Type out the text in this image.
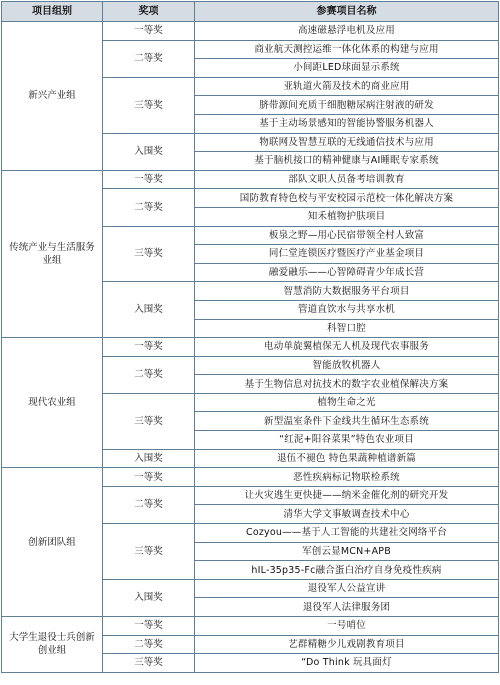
项目组别	奖项	参赛项目名称
新兴产业组	一等奖	高速磁悬浮电机及应用
	二等奖	商业航天测控运维一体化体系的构建与应用
		小间距LED球面显示系统
	三等奖	亚轨道火箭及技术的商业应用
		脐带源间充质干细胞糖尿病注射液的研发
		基于主动场景感知的智能协警服务机器人
	入围奖	物联网及智慧互联的无线通信技术与应用
		基于脑机接口的精神健康与AI睡眠专家系统
传统产业与生活服务业组	一等奖	部队文职人员备考培训教育
	二等奖	国防教育特色校与平安校园示范校一体化解决方案
		知禾植物护肤项目
	三等奖	板泉之野—用心民宿带领全村人致富
		同仁堂连锁医疗暨医疗产业基金项目
		融爱融乐——心智障碍青少年成长营
	入围奖	智慧消防大数据服务平台项目
		管道直饮水与共享水机
		科智口腔
现代农业组	一等奖	电动单旋翼植保无人机及现代农事服务
	二等奖	智能放牧机器人
		基于生物信息对抗技术的数字农业植保解决方案
	三等奖	植物生命之光
		新型温室条件下金线共生循环生态系统
		“红泥+阳谷菜果”特色农业项目
	入围奖	退伍不褪色 特色果蔬种植谱新篇
创新团队组	一等奖	恶性疾病标记物联检系统
	二等奖	让火灾逃生更快捷——纳米金催化剂的研究开发
		清华大学文事敏调查技术中心
	三等奖	Cozyou——基于人工智能的共建社交网络平台
		军创云显MCN+APB
		hIL-35p35-Fc融合蛋白治疗自身免疫性疾病
	入围奖	退役军人公益宣讲
		退役军人法律服务团
大学生退役士兵创新创业组	一等奖	一号哨位
	二等奖	艺群精糖少儿戏剧教育项目
	三等奖	“Do Think 玩具面灯
